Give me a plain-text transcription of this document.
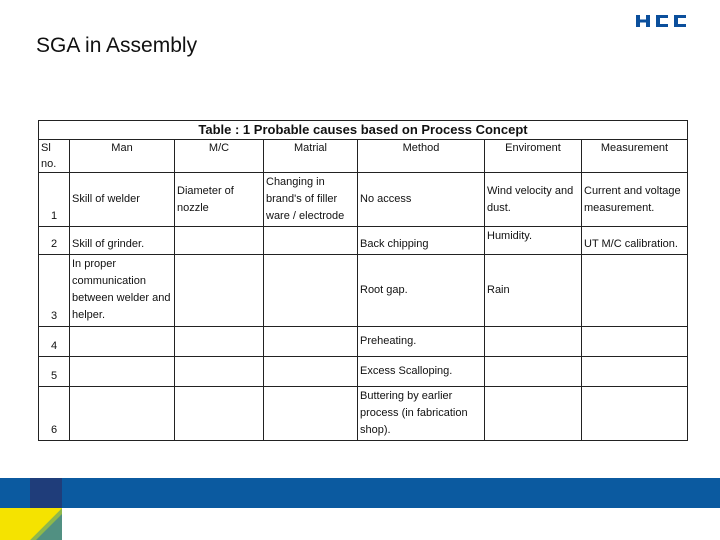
SGA in Assembly
Table : 1 Probable causes based on Process Concept						
Sl no.	Man	M/C	Matrial	Method	Enviroment	Measurement
1	Skill of welder	Diameter of nozzle	Changing in brand's of filler ware / electrode	No access	Wind velocity and dust.	Current and voltage measurement.
2	Skill of grinder.			Back chipping	Humidity.	UT M/C calibration.
3	In proper communication between welder and helper.			Root gap.	Rain	
4				Preheating.		
5				Excess Scalloping.		
6				Buttering by earlier process (in fabrication shop).		
